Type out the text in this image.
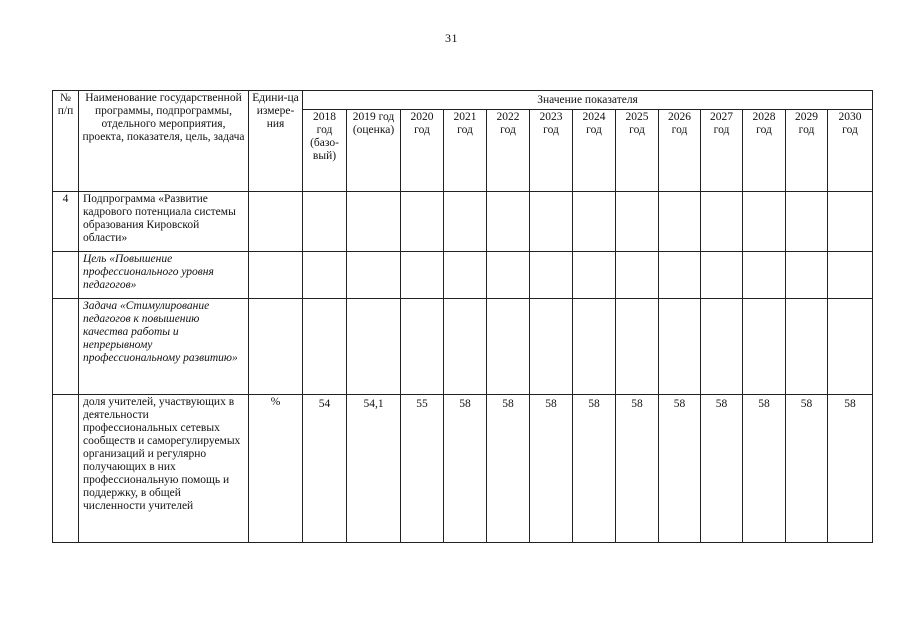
31
№ п/п	Наименование государственной программы, подпрограммы, отдельного мероприятия, проекта, показателя, цель, задача	Едини-ца измере-ния	Значение показателя												
			2018 год (базо-вый)	2019 год (оценка)	2020 год	2021 год	2022 год	2023 год	2024 год	2025 год	2026 год	2027 год	2028 год	2029 год	2030 год
4	Подпрограмма «Развитие кадрового потенциала системы образования Кировской области»														
	Цель «Повышение профессионального уровня педагогов»														
	Задача «Стимулирование педагогов к повышению качества работы и непрерывному профессиональному развитию»														
	доля учителей, участвующих в деятельности профессиональных сетевых сообществ и саморегулируемых организаций и регулярно получающих в них профессиональную помощь и поддержку, в общей численности учителей	%	54	54,1	55	58	58	58	58	58	58	58	58	58	58
